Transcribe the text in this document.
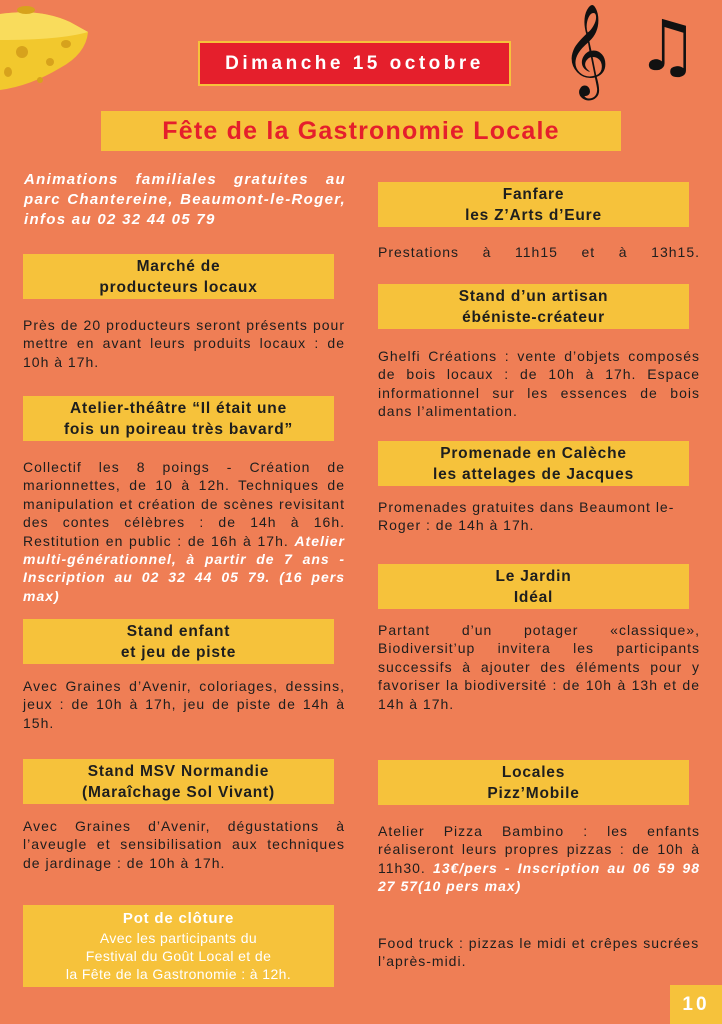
𝄞 ♫
Dimanche 15 octobre
Fête de la Gastronomie Locale
Animations familiales gratuites au parc Chantereine, Beaumont-le-Roger, infos au 02 32 44 05 79
Marché de
producteurs locaux
Près de 20 producteurs seront présents pour mettre en avant leurs produits locaux : de 10h à 17h.
Atelier-théâtre “Il était une
fois un poireau très bavard”
Collectif les 8 poings - Création de marionnettes, de 10 à 12h. Techniques de manipulation et création de scènes revisitant des contes célèbres : de 14h à 16h. Restitution en public : de 16h à 17h. Atelier multi-générationnel, à partir de 7 ans - Inscription au 02 32 44 05 79. (16 pers max)
Stand enfant
et jeu de piste
Avec Graines d’Avenir, coloriages, dessins, jeux : de 10h à 17h, jeu de piste de 14h à 15h.
Stand MSV Normandie
(Maraîchage Sol Vivant)
Avec Graines d’Avenir, dégustations à l’aveugle et sensibilisation aux techniques de jardinage : de 10h à 17h.
Pot de clôture
Avec les participants du
Festival du Goût Local et de
la Fête de la Gastronomie : à 12h.
Fanfare
les Z’Arts d’Eure
Prestations à 11h15 et à 13h15.
Stand d’un artisan
ébéniste-créateur
Ghelfi Créations : vente d’objets composés de bois locaux : de 10h à 17h. Espace informationnel sur les essences de bois dans l’alimentation.
Promenade en Calèche
les attelages de Jacques
Promenades gratuites dans Beaumont le-Roger : de 14h à 17h.
Le Jardin
Idéal
Partant d’un potager «classique», Biodiversit’up invitera les participants successifs à ajouter des éléments pour y favoriser la biodiversité : de 10h à 13h et de 14h à 17h.
Locales
Pizz’Mobile
Atelier Pizza Bambino : les enfants réaliseront leurs propres pizzas : de 10h à 11h30. 13€/pers - Inscription au 06 59 98 27 57(10 pers max)
Food truck : pizzas le midi et crêpes sucrées l’après-midi.
10
